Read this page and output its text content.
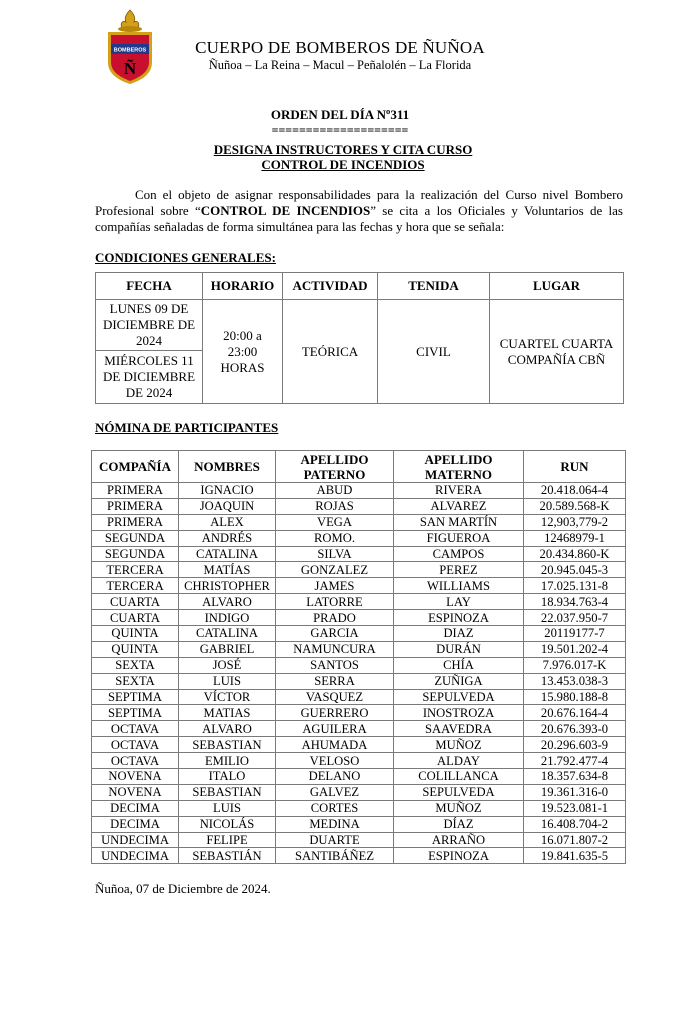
BOMBEROS
Ñ
CUERPO DE BOMBEROS DE ÑUÑOA
Ñuñoa – La Reina – Macul – Peñalolén – La Florida
ORDEN DEL DÍA Nº311
====================
DESIGNA INSTRUCTORES Y CITA CURSO
CONTROL DE INCENDIOS
Con el objeto de asignar responsabilidades para la realización del Curso nivel Bombero Profesional sobre “CONTROL DE INCENDIOS” se cita a los Oficiales y Voluntarios de las compañías señaladas de forma simultánea para las fechas y hora que se señala:
CONDICIONES GENERALES:
FECHA	HORARIO	ACTIVIDAD	TENIDA	LUGAR
LUNES 09 DE DICIEMBRE DE 2024	20:00 a 23:00 HORAS	TEÓRICA	CIVIL	CUARTEL CUARTA COMPAÑÍA CBÑ
MIÉRCOLES 11 DE DICIEMBRE DE 2024				
NÓMINA DE PARTICIPANTES
COMPAÑÍA	NOMBRES	APELLIDO PATERNO	APELLIDO MATERNO	RUN
PRIMERA	IGNACIO	ABUD	RIVERA	20.418.064-4
PRIMERA	JOAQUIN	ROJAS	ALVAREZ	20.589.568-K
PRIMERA	ALEX	VEGA	SAN MARTÍN	12,903,779-2
SEGUNDA	ANDRÉS	ROMO.	FIGUEROA	12468979-1
SEGUNDA	CATALINA	SILVA	CAMPOS	20.434.860-K
TERCERA	MATÍAS	GONZALEZ	PEREZ	20.945.045-3
TERCERA	CHRISTOPHER	JAMES	WILLIAMS	17.025.131-8
CUARTA	ALVARO	LATORRE	LAY	18.934.763-4
CUARTA	INDIGO	PRADO	ESPINOZA	22.037.950-7
QUINTA	CATALINA	GARCIA	DIAZ	20119177-7
QUINTA	GABRIEL	NAMUNCURA	DURÁN	19.501.202-4
SEXTA	JOSÉ	SANTOS	CHÍA	7.976.017-K
SEXTA	LUIS	SERRA	ZUÑIGA	13.453.038-3
SEPTIMA	VÍCTOR	VASQUEZ	SEPULVEDA	15.980.188-8
SEPTIMA	MATIAS	GUERRERO	INOSTROZA	20.676.164-4
OCTAVA	ALVARO	AGUILERA	SAAVEDRA	20.676.393-0
OCTAVA	SEBASTIAN	AHUMADA	MUÑOZ	20.296.603-9
OCTAVA	EMILIO	VELOSO	ALDAY	21.792.477-4
NOVENA	ITALO	DELANO	COLILLANCA	18.357.634-8
NOVENA	SEBASTIAN	GALVEZ	SEPULVEDA	19.361.316-0
DECIMA	LUIS	CORTES	MUÑOZ	19.523.081-1
DECIMA	NICOLÁS	MEDINA	DÍAZ	16.408.704-2
UNDECIMA	FELIPE	DUARTE	ARRAÑO	16.071.807-2
UNDECIMA	SEBASTIÁN	SANTIBÁÑEZ	ESPINOZA	19.841.635-5
Ñuñoa, 07 de Diciembre de 2024.
